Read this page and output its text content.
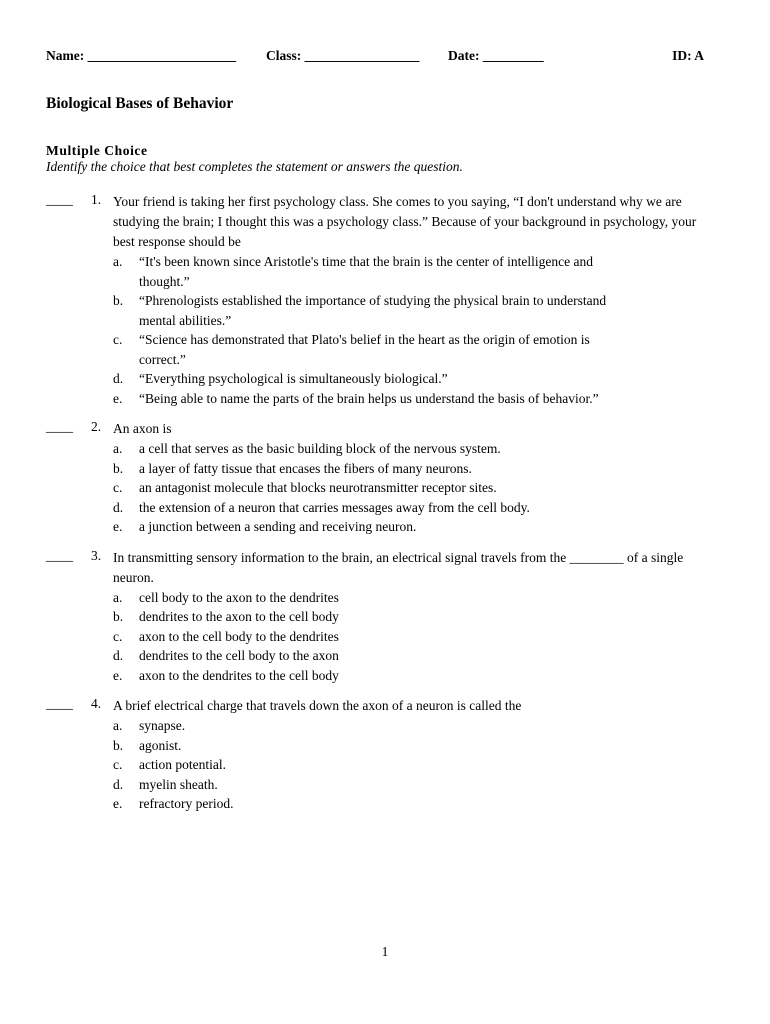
Name: ______________________ Class: _________________ Date: _________	ID: A
Biological Bases of Behavior
Multiple Choice
Identify the choice that best completes the statement or answers the question.
____ 1. Your friend is taking her first psychology class. She comes to you saying, “I don't understand why we are studying the brain; I thought this was a psychology class.” Because of your background in psychology, your best response should be
a. “It's been known since Aristotle's time that the brain is the center of intelligence and thought.”
b. “Phrenologists established the importance of studying the physical brain to understand mental abilities.”
c. “Science has demonstrated that Plato's belief in the heart as the origin of emotion is correct.”
d. “Everything psychological is simultaneously biological.”
e. “Being able to name the parts of the brain helps us understand the basis of behavior.”
____ 2. An axon is
a. a cell that serves as the basic building block of the nervous system.
b. a layer of fatty tissue that encases the fibers of many neurons.
c. an antagonist molecule that blocks neurotransmitter receptor sites.
d. the extension of a neuron that carries messages away from the cell body.
e. a junction between a sending and receiving neuron.
____ 3. In transmitting sensory information to the brain, an electrical signal travels from the ________ of a single neuron.
a. cell body to the axon to the dendrites
b. dendrites to the axon to the cell body
c. axon to the cell body to the dendrites
d. dendrites to the cell body to the axon
e. axon to the dendrites to the cell body
____ 4. A brief electrical charge that travels down the axon of a neuron is called the
a. synapse.
b. agonist.
c. action potential.
d. myelin sheath.
e. refractory period.
1
